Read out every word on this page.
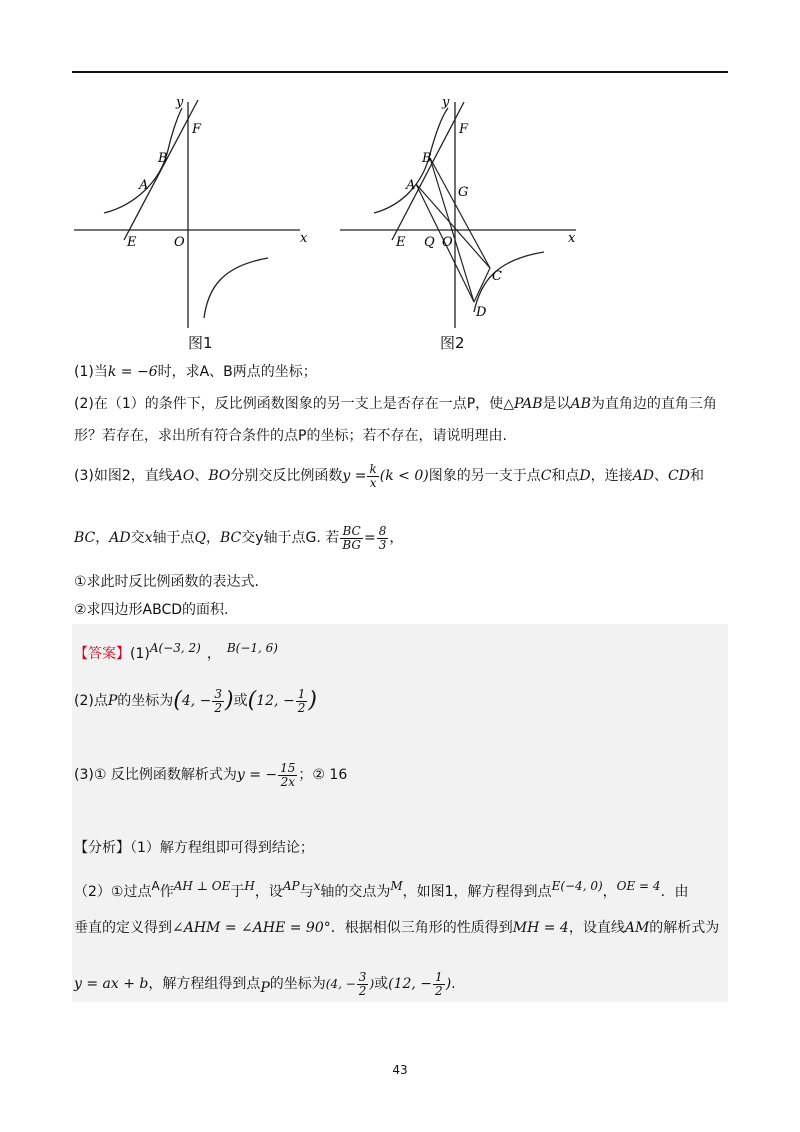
y
F
B
A
E	O	x
图1
y
F
B
A	G
E Q O
C
D
x
图2
(1)当k = −6时，求A、B两点的坐标；
(2)在（1）的条件下，反比例函数图象的另一支上是否存在一点P，使△PAB是以AB为直角边的直角三角
形？若存在，求出所有符合条件的点P的坐标；若不存在，请说明理由.
(3)如图2，直线AO、BO分别交反比例函数$y = \frac{k}{x} (k < 0)$图象的另一支于点C和点D，连接AD、CD和
BC，AD交x轴于点Q，BC交y轴于点G. 若 $\frac{BC}{BG} = \frac{8}{3}$ ，
①求此时反比例函数的表达式.
②求四边形ABCD的面积.
【答案】(1)A(−3, 2) ， B(−1, 6)
(2)点P的坐标为(4, − $\frac{3}{2}$ )或(12, − $\frac{1}{2}$ )
(3)① 反比例函数解析式为y = − $\frac{15}{2x}$ ；② 16
【分析】（1）解方程组即可得到结论；
（2）①过点A作AH ⊥ OE于H，设AP与x轴的交点为M，如图1，解方程得到点E(−4, 0)，OE = 4．由
垂直的定义得到∠AHM = ∠AHE = 90°．根据相似三角形的性质得到MH = 4，设直线AM的解析式为
y = ax + b，解方程组得到点P的坐标为(4, − $\frac{3}{2}$ )或(12, − $\frac{1}{2}$ ).
43
